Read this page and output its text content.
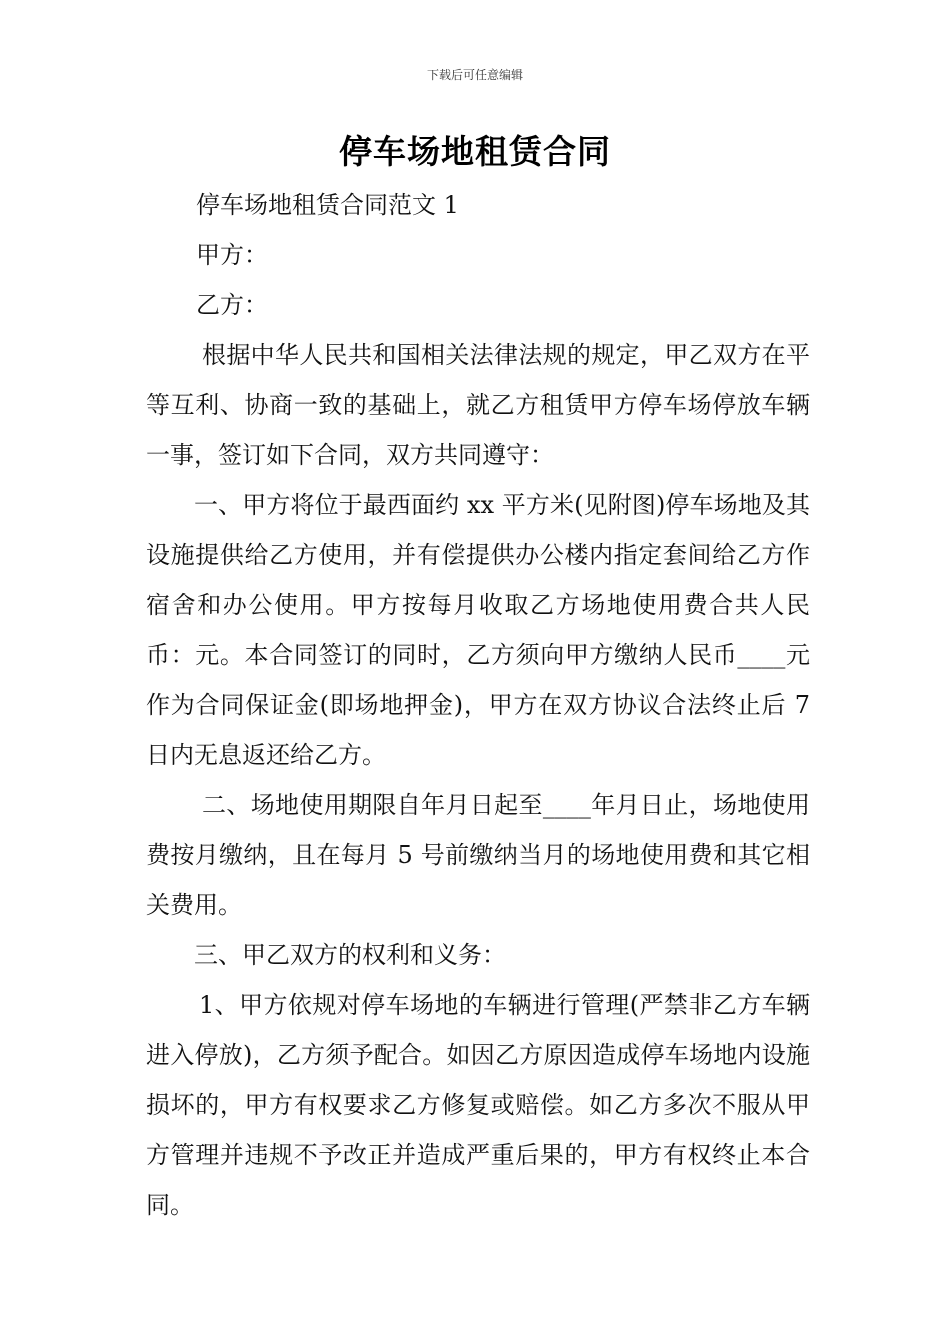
下载后可任意编辑
停车场地租赁合同

停车场地租赁合同范文 1

甲方：

乙方：

根据中华人民共和国相关法律法规的规定，甲乙双方在平等互利、协商一致的基础上，就乙方租赁甲方停车场停放车辆一事，签订如下合同，双方共同遵守：

一、甲方将位于最西面约 xx 平方米(见附图)停车场地及其设施提供给乙方使用，并有偿提供办公楼内指定套间给乙方作宿舍和办公使用。甲方按每月收取乙方场地使用费合共人民币：元。本合同签订的同时，乙方须向甲方缴纳人民币____元作为合同保证金(即场地押金)，甲方在双方协议合法终止后 7 日内无息返还给乙方。

二、场地使用期限自年月日起至____年月日止，场地使用费按月缴纳，且在每月 5 号前缴纳当月的场地使用费和其它相关费用。

三、甲乙双方的权利和义务：

1、甲方依规对停车场地的车辆进行管理(严禁非乙方车辆进入停放)，乙方须予配合。如因乙方原因造成停车场地内设施损坏的，甲方有权要求乙方修复或赔偿。如乙方多次不服从甲方管理并违规不予改正并造成严重后果的，甲方有权终止本合同。
